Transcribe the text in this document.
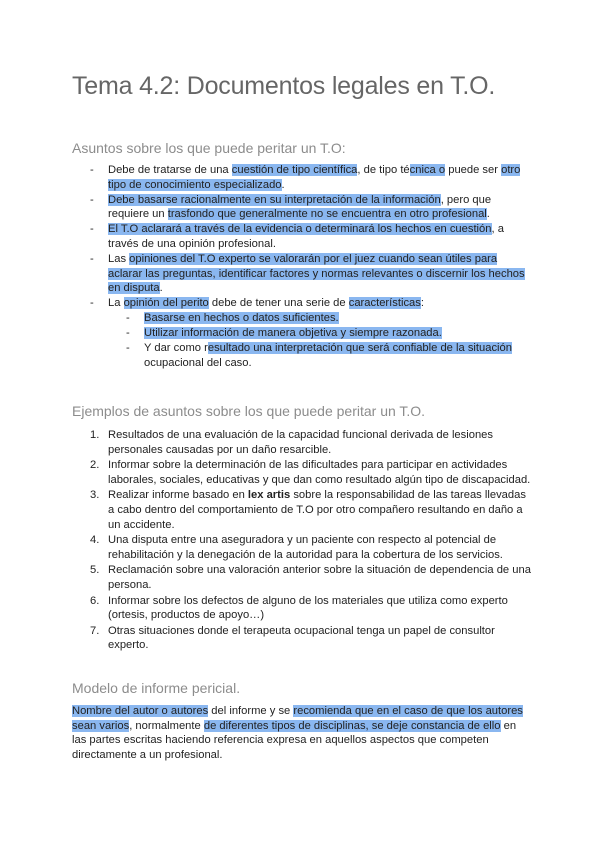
Tema 4.2: Documentos legales en T.O.
Asuntos sobre los que puede peritar un T.O:
- Debe de tratarse de una cuestión de tipo científica, de tipo técnica o puede ser otro tipo de conocimiento especializado.
- Debe basarse racionalmente en su interpretación de la información, pero que requiere un trasfondo que generalmente no se encuentra en otro profesional.
- El T.O aclarará a través de la evidencia o determinará los hechos en cuestión, a través de una opinión profesional.
- Las opiniones del T.O experto se valorarán por el juez cuando sean útiles para aclarar las preguntas, identificar factores y normas relevantes o discernir los hechos en disputa.
- La opinión del perito debe de tener una serie de características:
- Basarse en hechos o datos suficientes.
- Utilizar información de manera objetiva y siempre razonada.
- Y dar como resultado una interpretación que será confiable de la situación ocupacional del caso.
Ejemplos de asuntos sobre los que puede peritar un T.O.
1. Resultados de una evaluación de la capacidad funcional derivada de lesiones personales causadas por un daño resarcible.
2. Informar sobre la determinación de las dificultades para participar en actividades laborales, sociales, educativas y que dan como resultado algún tipo de discapacidad.
3. Realizar informe basado en lex artis sobre la responsabilidad de las tareas llevadas a cabo dentro del comportamiento de T.O por otro compañero resultando en daño a un accidente.
4. Una disputa entre una aseguradora y un paciente con respecto al potencial de rehabilitación y la denegación de la autoridad para la cobertura de los servicios.
5. Reclamación sobre una valoración anterior sobre la situación de dependencia de una persona.
6. Informar sobre los defectos de alguno de los materiales que utiliza como experto (ortesis, productos de apoyo…)
7. Otras situaciones donde el terapeuta ocupacional tenga un papel de consultor experto.
Modelo de informe pericial.

Nombre del autor o autores del informe y se recomienda que en el caso de que los autores sean varios, normalmente de diferentes tipos de disciplinas, se deje constancia de ello en las partes escritas haciendo referencia expresa en aquellos aspectos que competen directamente a un profesional.
